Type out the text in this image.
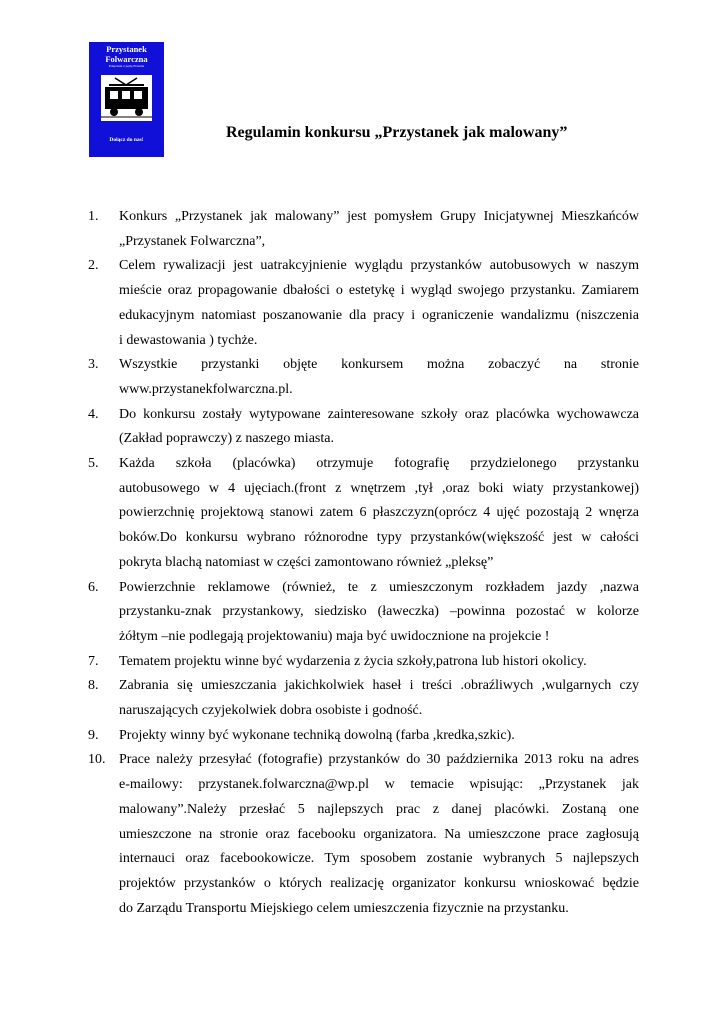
Przystanek
Folwarczna
Połączeni z pętlą Fraszna
Dołącz do nas!	Regulamin konkursu „Przystanek jak malowany”
1. Konkurs „Przystanek jak malowany” jest pomysłem Grupy Inicjatywnej Mieszkańców
„Przystanek Folwarczna”,
2. Celem rywalizacji jest uatrakcyjnienie wyglądu przystanków autobusowych w naszym
mieście oraz propagowanie dbałości o estetykę i wygląd swojego przystanku. Zamiarem
edukacyjnym natomiast poszanowanie dla pracy i ograniczenie wandalizmu (niszczenia
i dewastowania ) tychże.
3. Wszystkie przystanki objęte konkursem można zobaczyć na stronie
www.przystanekfolwarczna.pl.
4. Do konkursu zostały wytypowane zainteresowane szkoły oraz placówka wychowawcza
(Zakład poprawczy) z naszego miasta.
5. Każda szkoła (placówka) otrzymuje fotografię przydzielonego przystanku
autobusowego w 4 ujęciach.(front z wnętrzem ,tył ,oraz boki wiaty przystankowej)
powierzchnię projektową stanowi zatem 6 płaszczyzn(oprócz 4 ujęć pozostają 2 wnęrza
boków.Do konkursu wybrano różnorodne typy przystanków(większość jest w całości
pokryta blachą natomiast w części zamontowano również „pleksę”
6. Powierzchnie reklamowe (również, te z umieszczonym rozkładem jazdy ,nazwa
przystanku-znak przystankowy, siedzisko (ławeczka) –powinna pozostać w kolorze
żółtym –nie podlegają projektowaniu) maja być uwidocznione na projekcie !
7. Tematem projektu winne być wydarzenia z życia szkoły,patrona lub histori okolicy.
8. Zabrania się umieszczania jakichkolwiek haseł i treści .obraźliwych ,wulgarnych czy
naruszających czyjekolwiek dobra osobiste i godność.
9. Projekty winny być wykonane techniką dowolną (farba ,kredka,szkic).
10. Prace należy przesyłać (fotografie) przystanków do 30 października 2013 roku na adres
e-mailowy: przystanek.folwarczna@wp.pl w temacie wpisując: „Przystanek jak
malowany”.Należy przesłać 5 najlepszych prac z danej placówki. Zostaną one
umieszczone na stronie oraz facebooku organizatora. Na umieszczone prace zagłosują
internauci oraz facebookowicze. Tym sposobem zostanie wybranych 5 najlepszych
projektów przystanków o których realizację organizator konkursu wnioskować będzie
do Zarządu Transportu Miejskiego celem umieszczenia fizycznie na przystanku.
